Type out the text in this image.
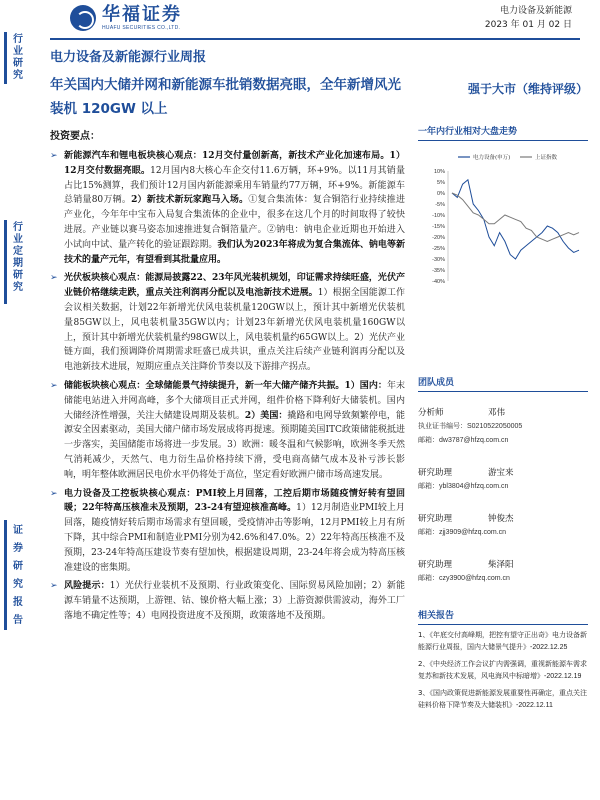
华福证券
HUAFU SECURITIES CO.,LTD.
电力设备及新能源
2023 年 01 月 02 日
行业研究
行业定期研究
证券研究报告
电力设备及新能源行业周报
年关国内大储并网和新能源车批销数据亮眼，全年新增风光装机 120GW 以上
投资要点：
➢ 新能源汽车和锂电板块核心观点：12月交付量创新高，新技术产业化加速布局。1）12月交付数据亮眼。12月国内8大核心车企交付11.6万辆，环+9%。以11月其销量占比15%测算，我们预计12月国内新能源乘用车销量约77万辆，环+9%。新能源车总销量80万辆。2）新技术新玩家跑马入场。①复合集流体：复合铜箔行业持续推进产业化，今年年中宝布入局复合集流体的企业中，很多在这几个月的时间取得了较快进展。产业链以赛马姿态加速推进复合铜箔量产。②钠电：钠电企业近期也开始进入小试向中试、量产转化的验证跟踪期。我们认为2023年将成为复合集流体、钠电等新技术的量产元年，有望看到其批量应用。
➢ 光伏板块核心观点：能源局披露22、23年风光装机规划，印证需求持续旺盛，光伏产业链价格继续走跌，重点关注利润再分配以及电池新技术进展。1）根据全国能源工作会议相关数据，计划22年新增光伏风电装机量120GW以上，预计其中新增光伏装机量85GW以上，风电装机量35GW以内；计划23年新增光伏风电装机量160GW以上，预计其中新增光伏装机量约98GW以上，风电装机量约65GW以上。2）光伏产业链方面，我们预调降价周期需求旺盛已成共识，重点关注后续产业链利润再分配以及电池新技术进展，短期应重点关注降价节奏以及下游排产拐点。
➢ 储能板块核心观点：全球储能景气持续提升，新一年大储产储齐共振。1）国内：年末储能电站进入并网高峰，多个大储项目正式并网，组件价格下降利好大储装机。国内大储经济性增强，关注大储建设周期及装机。2）美国：撬路和电网导致频繁停电，能源安全因素驱动，美国大储户储市场发展成将再提速。预期随美国ITC政策储能税抵进一步落实，美国储能市场将进一步发展。3）欧洲：暖冬温和气候影响，欧洲冬季天然气消耗减少，天然气、电力衍生品价格持续下滑，受电商高储气成本及补亏涉长影响，明年整体欧洲居民电价水平仍将处于高位，坚定看好欧洲户储市场高速发展。
➢ 电力设备及工控板块核心观点：PMI较上月回落，工控后期市场随疫情好转有望回暖；22年特高压核准未及预期，23-24有望迎核准高峰。1）12月制造业PMI较上月回落，随疫情好转后期市场需求有望回暖，受疫情冲击等影响，12月PMI较上月有所下降，其中综合PMI和制造业PMI分别为42.6%和47.0%。2）22年特高压核准不及预期，23-24年特高压建设节奏有望加快，根据建设周期，23-24年将会成为特高压核准建设的密集期。
➢ 风险提示：1）光伏行业装机不及预期、行业政策变化、国际贸易风险加剧；2）新能源车销量不达预期，上游锂、钴、镍价格大幅上涨；3）上游资源供需波动，海外工厂落地不确定性等；4）电网投资进度不及预期，政策落地不及预期。
强于大市（维持评级）
一年内行业相对大盘走势
10%
5%
0%
-5%
-10%
-15%
-20%
-25%
-30%
-35%
-40%
电力设备(申万)	上证指数
团队成员
分析师	邓伟
执业证书编号：S0210522050005
邮箱：dw3787@hfzq.com.cn
研究助理	游宝来
邮箱：ybl3804@hfzq.com.cn
研究助理	钟俊杰
邮箱：zjj3909@hfzq.com.cn
研究助理	柴泽阳
邮箱：czy3900@hfzq.com.cn
相关报告
1、《年底交付高峰期，把控有望守正出奇》电力设备新能源行业周报，国内大储景气提升》-2022.12.25
2、《中央经济工作会议扩内需强调，重视新能源车需求复苏和新技术发展，风电海风中标暗增》-2022.12.19
3、《国内政策促进新能源发展重要性再确定，重点关注硅料价格下降节奏及大储装机》-2022.12.11
